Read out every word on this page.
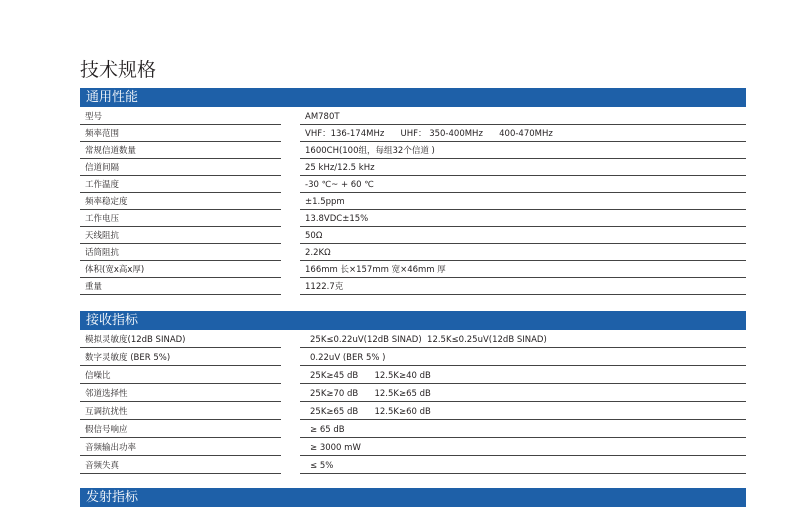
技术规格
通用性能
型号	AM780T
频率范围	VHF：136-174MHz      UHF： 350-400MHz      400-470MHz
常规信道数量	1600CH(100组，每组32个信道 )
信道间隔	25 kHz/12.5 kHz
工作温度	-30 ℃~ + 60 ℃
频率稳定度	±1.5ppm
工作电压	13.8VDC±15%
天线阻抗	50Ω
话筒阻抗	2.2KΩ
体积(宽x高x厚)	166mm 长×157mm 宽×46mm 厚
重量	1122.7克
接收指标
模拟灵敏度(12dB SINAD)	25K≤0.22uV(12dB SINAD)  12.5K≤0.25uV(12dB SINAD)
数字灵敏度 (BER 5%)	0.22uV (BER 5% )
信噪比	25K≥45 dB      12.5K≥40 dB
邻道选择性	25K≥70 dB      12.5K≥65 dB
互调抗扰性	25K≥65 dB      12.5K≥60 dB
假信号响应	≥ 65 dB
音频输出功率	≥ 3000 mW
音频失真	≤ 5%
发射指标
